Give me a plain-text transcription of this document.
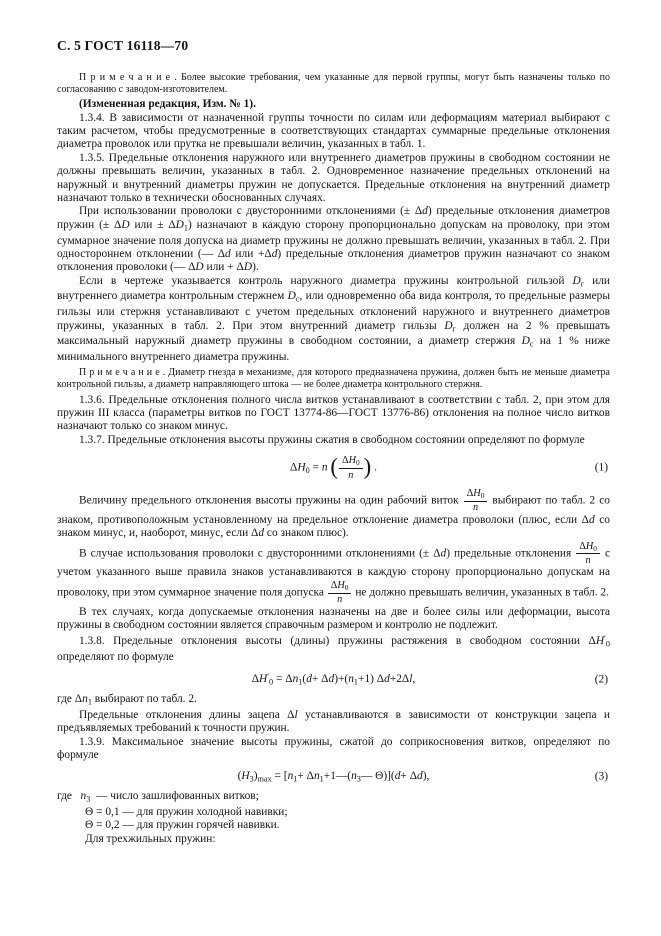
С. 5 ГОСТ 16118—70
П р и м е ч а н и е . Более высокие требования, чем указанные для первой группы, могут быть назначены только по согласованию с заводом-изготовителем.
(Измененная редакция, Изм. № 1).
1.3.4. В зависимости от назначенной группы точности по силам или деформациям материал выбирают с таким расчетом, чтобы предусмотренные в соответствующих стандартах суммарные предельные отклонения диаметра проволок или прутка не превышали величин, указанных в табл. 1.
1.3.5. Предельные отклонения наружного или внутреннего диаметров пружины в свободном состоянии не должны превышать величин, указанных в табл. 2. Одновременное назначение предельных отклонений на наружный и внутренний диаметры пружин не допускается. Предельные отклонения на внутренний диаметр назначают только в технически обоснованных случаях.
При использовании проволоки с двусторонними отклонениями (± Δd) предельные отклонения диаметров пружин (± ΔD или ± $\Delta D_1$) назначают в каждую сторону пропорционально допускам на проволоку, при этом суммарное значение поля допуска на диаметр пружины не должно превышать величин, указанных в табл. 2. При одностороннем отклонении (— Δd или +Δd) предельные отклонения диаметров пружин назначают со знаком отклонения проволоки (— ΔD или + ΔD).
Если в чертеже указывается контроль наружного диаметра пружины контрольной гильзой $D_г$ или внутреннего диаметра контрольным стержнем $D_с$, или одновременно оба вида контроля, то предельные размеры гильзы или стержня устанавливают с учетом предельных отклонений наружного и внутреннего диаметров пружины, указанных в табл. 2. При этом внутренний диаметр гильзы $D_г$ должен на 2 % превышать максимальный наружный диаметр пружины в свободном состоянии, а диаметр стержня $D_с$ на 1 % ниже минимального внутреннего диаметра пружины.
П р и м е ч а н и е . Диаметр гнезда в механизме, для которого предназначена пружина, должен быть не меньше диаметра контрольной гильзы, а диаметр направляющего штока — не более диаметра контрольного стержня.
1.3.6. Предельные отклонения полного числа витков устанавливают в соответствии с табл. 2, при этом для пружин III класса (параметры витков по ГОСТ 13774-86—ГОСТ 13776-86) отклонения на полное число витков назначают только со знаком минус.
1.3.7. Предельные отклонения высоты пружины сжатия в свободном состоянии определяют по формуле
$\Delta H_0 = n$ ( $\frac{\Delta H_0}{n}$ ) .	(1)
Величину предельного отклонения высоты пружины на один рабочий виток $\frac{\Delta H_0}{n}$ выбирают по табл. 2 со знаком, противоположным установленному на предельное отклонение диаметра проволоки (плюс, если Δd со знаком минус, и, наоборот, минус, если Δd со знаком плюс).
В случае использования проволоки с двусторонними отклонениями (± Δd) предельные отклонения $\frac{\Delta H_0}{n}$ с учетом указанного выше правила знаков устанавливаются в каждую сторону пропорционально допускам на проволоку, при этом суммарное значение поля допуска $\frac{\Delta H_0}{n}$ не должно превышать величин, указанных в табл. 2.
В тех случаях, когда допускаемые отклонения назначены на две и более силы или деформации, высота пружины в свободном состоянии является справочным размером и контролю не подлежит.
1.3.8. Предельные отклонения высоты (длины) пружины растяжения в свободном состоянии $\Delta H'_0$ определяют по формуле
$\Delta H'_0 = \Delta n_1(d+ \Delta d)+(n_1+1)$ Δd+2Δl,	(2)
где $\Delta n_1$ выбирают по табл. 2.
Предельные отклонения длины зацепа Δl устанавливаются в зависимости от конструкции зацепа и предъявляемых требований к точности пружин.
1.3.9. Максимальное значение высоты пружины, сжатой до соприкосновения витков, определяют по формуле
$(H_3)_{max} = [n_1+$ $\Delta n_1+1—(n_3—$ Θ)](d+ Δd),	(3)
где   $n_3$  — число зашлифованных витков;
Θ = 0,1 — для пружин холодной навивки;
Θ = 0,2 — для пружин горячей навивки.
Для трехжильных пружин:
